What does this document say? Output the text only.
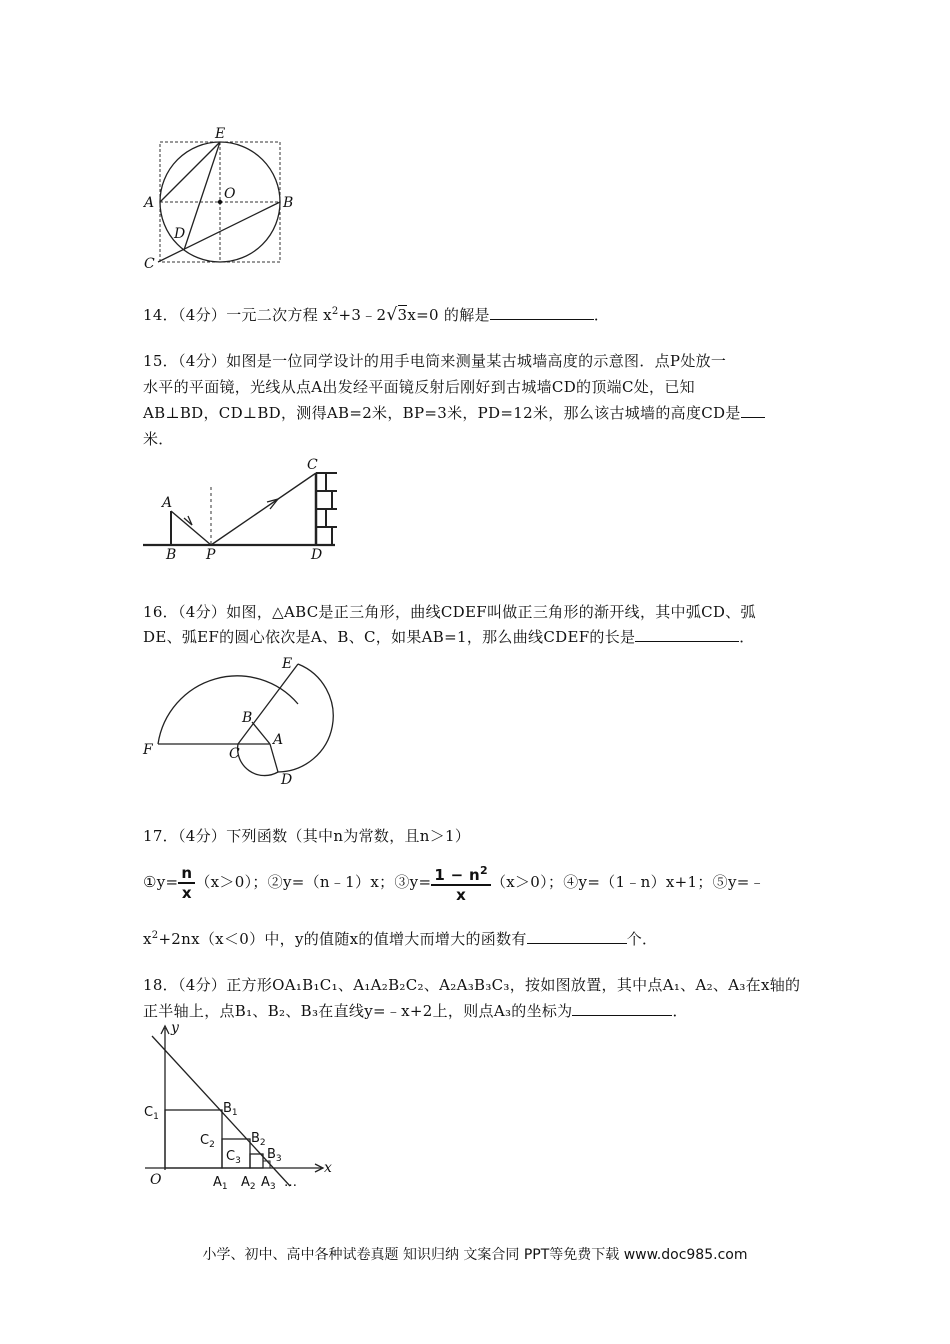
E
O
A	B
D
C
14．（4分）一元二次方程 $x^2+3﹣2√3x=0$ 的解是	．
15．（4分）如图是一位同学设计的用手电筒来测量某古城墙高度的示意图．点P处放一
水平的平面镜，光线从点A出发经平面镜反射后刚好到古城墙CD的顶端C处，已知
AB⊥BD，CD⊥BD，测得AB=2米，BP=3米，PD=12米，那么该古城墙的高度CD是
米．
A
B P
C
D
16．（4分）如图，△ABC是正三角形，曲线CDEF叫做正三角形的渐开线，其中弧CD、弧
DE、弧EF的圆心依次是A、B、C，如果AB=1，那么曲线CDEF的长是	．
E
B
A
F	C
D
17．（4分）下列函数（其中n为常数，且n＞1）
①y= $\frac{n}{x} (x>0)$；②y=（n﹣1）x；③y= $\frac{1 - n^2}{x} (x>0)$；④y=（1﹣n）x+1；⑤y=﹣
$x^2+2nx(x<0)$中，y的值随x的值增大而增大的函数有	个．
18．（4分）正方形OA₁B₁C₁、A₁A₂B₂C₂、A₂A₃B₃C₃，按如图放置，其中点A₁、A₂、A₃在x轴的
正半轴上，点B₁、B₂、B₃在直线y=﹣x+2上，则点A₃的坐标为	．
y
x
O
$C_1$
$B_1$
$C_2$	$B_2$
$C_3$ $B_3$
$A_1$ $A_2$ $A_3$ …
小学、初中、高中各种试卷真题 知识归纳 文案合同 PPT等免费下载 www.doc985.com
